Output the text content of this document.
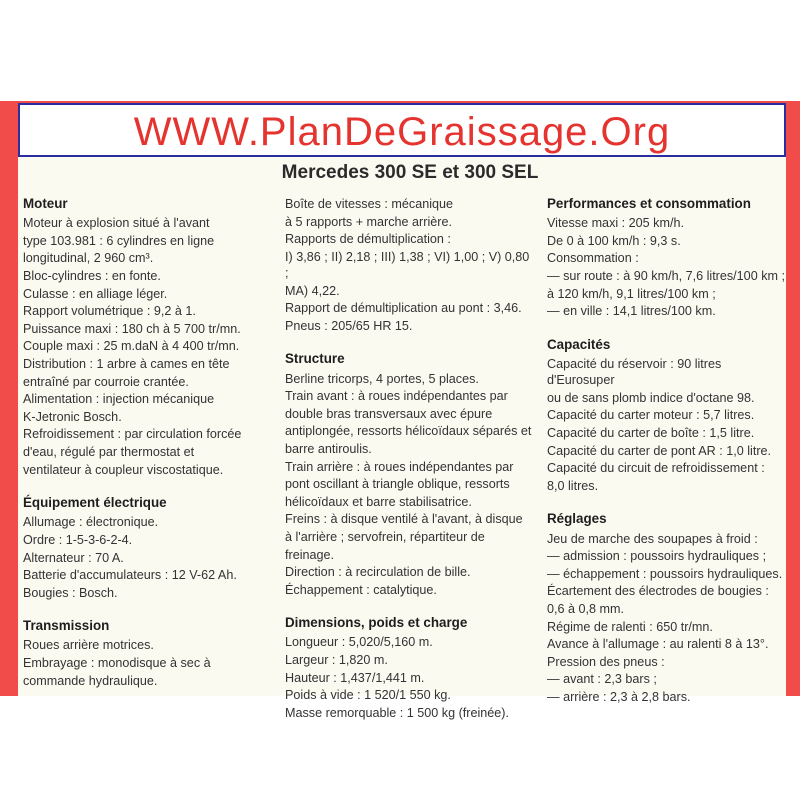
WWW.PlanDeGraissage.Org
Mercedes 300 SE et 300 SEL
Moteur
Moteur à explosion situé à l'avant
type 103.981 : 6 cylindres en ligne
longitudinal, 2 960 cm³.
Bloc-cylindres : en fonte.
Culasse : en alliage léger.
Rapport volumétrique : 9,2 à 1.
Puissance maxi : 180 ch à 5 700 tr/mn.
Couple maxi : 25 m.daN à 4 400 tr/mn.
Distribution : 1 arbre à cames en tête
entraîné par courroie crantée.
Alimentation : injection mécanique
K-Jetronic Bosch.
Refroidissement : par circulation forcée
d'eau, régulé par thermostat et
ventilateur à coupleur viscostatique.
Équipement électrique
Allumage : électronique.
Ordre : 1-5-3-6-2-4.
Alternateur : 70 A.
Batterie d'accumulateurs : 12 V-62 Ah.
Bougies : Bosch.
Transmission
Roues arrière motrices.
Embrayage : monodisque à sec à
commande hydraulique.
Boîte de vitesses : mécanique
à 5 rapports + marche arrière.
Rapports de démultiplication :
I) 3,86 ; II) 2,18 ; III) 1,38 ; VI) 1,00 ; V) 0,80 ;
MA) 4,22.
Rapport de démultiplication au pont : 3,46.
Pneus : 205/65 HR 15.
Structure
Berline tricorps, 4 portes, 5 places.
Train avant : à roues indépendantes par
double bras transversaux avec épure
antiplongée, ressorts hélicoïdaux séparés et
barre antiroulis.
Train arrière : à roues indépendantes par
pont oscillant à triangle oblique, ressorts
hélicoïdaux et barre stabilisatrice.
Freins : à disque ventilé à l'avant, à disque
à l'arrière ; servofrein, répartiteur de
freinage.
Direction : à recirculation de bille.
Échappement : catalytique.
Dimensions, poids et charge
Longueur : 5,020/5,160 m.
Largeur : 1,820 m.
Hauteur : 1,437/1,441 m.
Poids à vide : 1 520/1 550 kg.
Masse remorquable : 1 500 kg (freinée).
Performances et consommation
Vitesse maxi : 205 km/h.
De 0 à 100 km/h : 9,3 s.
Consommation :
— sur route : à 90 km/h, 7,6 litres/100 km ;
à 120 km/h, 9,1 litres/100 km ;
— en ville : 14,1 litres/100 km.
Capacités
Capacité du réservoir : 90 litres d'Eurosuper
ou de sans plomb indice d'octane 98.
Capacité du carter moteur : 5,7 litres.
Capacité du carter de boîte : 1,5 litre.
Capacité du carter de pont AR : 1,0 litre.
Capacité du circuit de refroidissement :
8,0 litres.
Réglages
Jeu de marche des soupapes à froid :
— admission : poussoirs hydrauliques ;
— échappement : poussoirs hydrauliques.
Écartement des électrodes de bougies :
0,6 à 0,8 mm.
Régime de ralenti : 650 tr/mn.
Avance à l'allumage : au ralenti 8 à 13°.
Pression des pneus :
— avant : 2,3 bars ;
— arrière : 2,3 à 2,8 bars.
